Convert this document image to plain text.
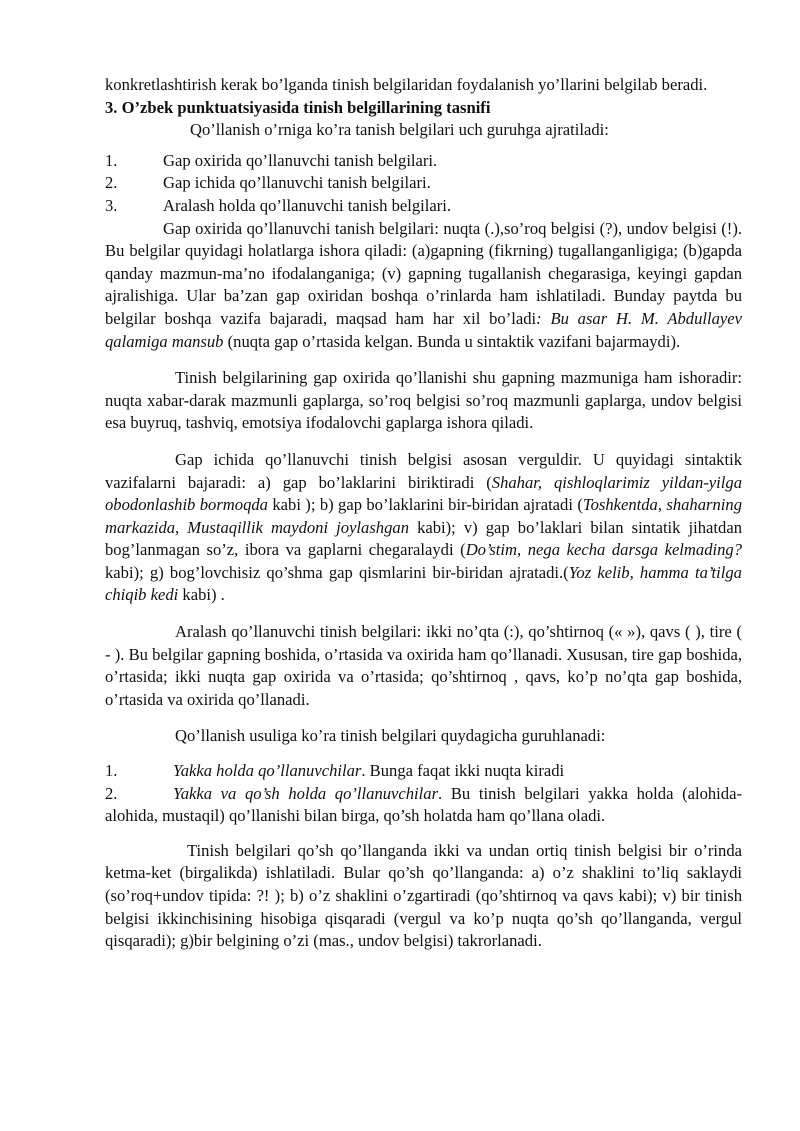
konkretlashtirish kerak bo’lganda tinish belgilaridan foydalanish yo’llarini belgilab beradi.

3. O’zbek punktuatsiyasida tinish belgillarining tasnifi

Qo’llanish o’rniga ko’ra tanish belgilari uch guruhga ajratiladi:

1.	Gap oxirida qo’llanuvchi tanish belgilari.
2.	Gap ichida qo’llanuvchi tanish belgilari.
3.	Aralash holda qo’llanuvchi tanish belgilari.

Gap oxirida qo’llanuvchi tanish belgilari: nuqta (.),so’roq belgisi (?), undov belgisi (!). Bu belgilar quyidagi holatlarga ishora qiladi: (a)gapning (fikrning) tugallanganligiga; (b)gapda qanday mazmun-ma’no ifodalanganiga; (v) gapning tugallanish chegarasiga, keyingi gapdan ajralishiga. Ular ba’zan gap oxiridan boshqa o’rinlarda ham ishlatiladi. Bunday paytda bu belgilar boshqa vazifa bajaradi, maqsad ham har xil bo’ladi: Bu asar H. M. Abdullayev qalamiga mansub (nuqta gap o’rtasida kelgan. Bunda u sintaktik vazifani bajarmaydi).

Tinish belgilarining gap oxirida qo’llanishi shu gapning mazmuniga ham ishoradir: nuqta xabar-darak mazmunli gaplarga, so’roq belgisi so’roq mazmunli gaplarga, undov belgisi esa buyruq, tashviq, emotsiya ifodalovchi gaplarga ishora qiladi.

Gap ichida qo’llanuvchi tinish belgisi asosan verguldir. U quyidagi sintaktik vazifalarni bajaradi: a) gap bo’laklarini biriktiradi (Shahar, qishloqlarimiz yildan-yilga obodonlashib bormoqda kabi ); b) gap bo’laklarini bir-biridan ajratadi (Toshkentda, shaharning markazida, Mustaqillik maydoni joylashgan kabi); v) gap bo’laklari bilan sintatik jihatdan bog’lanmagan so’z, ibora va gaplarni chegaralaydi (Do’stim, nega kecha darsga kelmading? kabi); g) bog’lovchisiz qo’shma gap qismlarini bir-biridan ajratadi.(Yoz kelib, hamma ta’tilga chiqib kedi kabi) .

Aralash qo’llanuvchi tinish belgilari: ikki no’qta (:), qo’shtirnoq (« »), qavs ( ), tire ( - ). Bu belgilar gapning boshida, o’rtasida va oxirida ham qo’llanadi. Xususan, tire gap boshida, o’rtasida; ikki nuqta gap oxirida va o’rtasida; qo’shtirnoq , qavs, ko’p no’qta gap boshida, o’rtasida va oxirida qo’llanadi.

Qo’llanish usuliga ko’ra tinish belgilari quydagicha guruhlanadi:

1.	Yakka holda qo’llanuvchilar. Bunga faqat ikki nuqta kiradi

2.	Yakka va qo’sh holda qo’llanuvchilar. Bu tinish belgilari yakka holda (alohida-alohida, mustaqil) qo’llanishi bilan birga, qo’sh holatda ham qo’llana oladi.

Tinish belgilari qo’sh qo’llanganda ikki va undan ortiq tinish belgisi bir o’rinda ketma-ket (birgalikda) ishlatiladi. Bular qo’sh qo’llanganda: a) o’z shaklini to’liq saklaydi (so’roq+undov tipida: ?! ); b) o’z shaklini o’zgartiradi (qo’shtirnoq va qavs kabi); v) bir tinish belgisi ikkinchisining hisobiga qisqaradi (vergul va ko’p nuqta qo’sh qo’llanganda, vergul qisqaradi); g)bir belgining o’zi (mas., undov belgisi) takrorlanadi.
